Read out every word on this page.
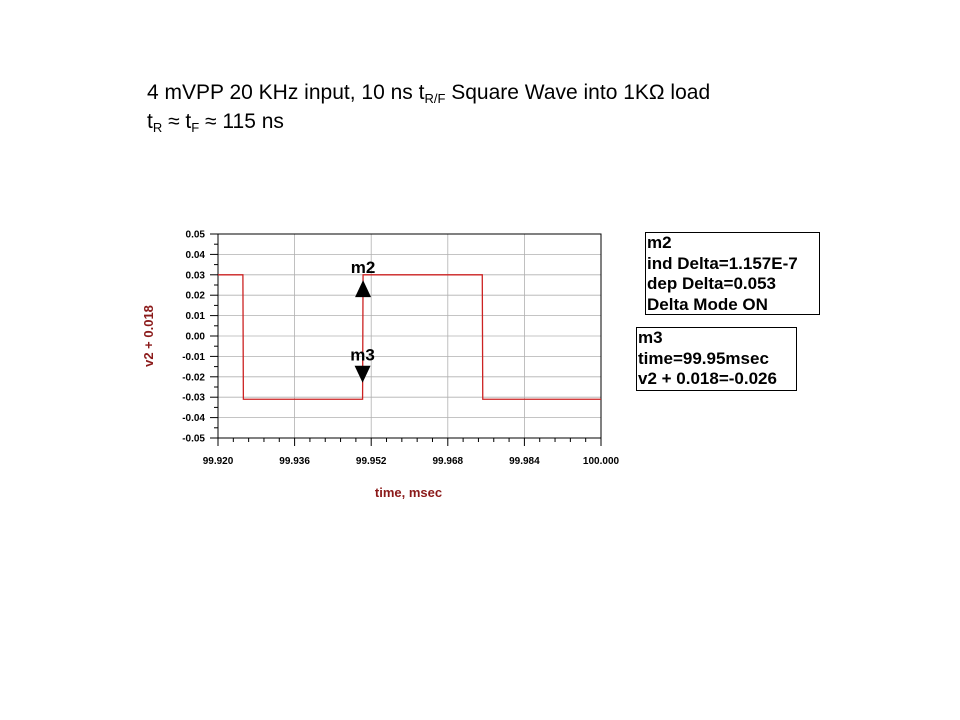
4 mVPP 20 KHz input, 10 ns $t_{R/F}$ Square Wave into 1KΩ load
$t_R \approx t_F \approx 115$ ns
0.05
0.04
0.03
0.02
0.01
0.00
-0.01
-0.02
-0.03
-0.04
-0.05
99.920	99.936	99.952	99.968	99.984	100.000
m2
m3
time, msec
v2 + 0.018
m2
ind Delta=1.157E-7
dep Delta=0.053
Delta Mode ON
m3
time=99.95msec
v2 + 0.018=-0.026
